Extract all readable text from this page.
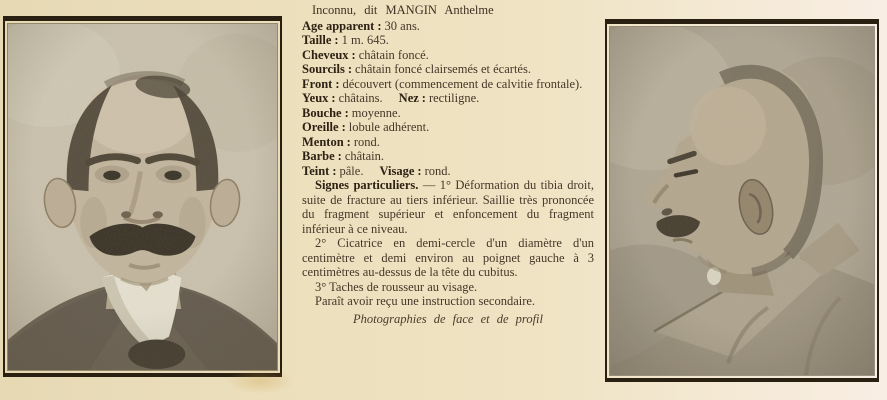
Inconnu, dit MANGIN Anthelme

Age apparent : 30 ans.
Taille : 1 m. 645.
Cheveux : châtain foncé.
Sourcils : châtain foncé clairsemés et écartés.
Front : découvert (commencement de calvitie frontale).
Yeux : châtains. Nez : rectiligne.
Bouche : moyenne.
Oreille : lobule adhérent.
Menton : rond.
Barbe : châtain.
Teint : pâle. Visage : rond.

Signes particuliers. — 1° Déformation du tibia droit, suite de fracture au tiers inférieur. Saillie très prononcée du fragment supérieur et enfoncement du fragment inférieur à ce niveau.

2° Cicatrice en demi-cercle d'un diamètre d'un centimètre et demi environ au poignet gauche à 3 centimètres au-dessus de la tête du cubitus.

3° Taches de rousseur au visage.

Paraît avoir reçu une instruction secondaire.

Photographies de face et de profil
